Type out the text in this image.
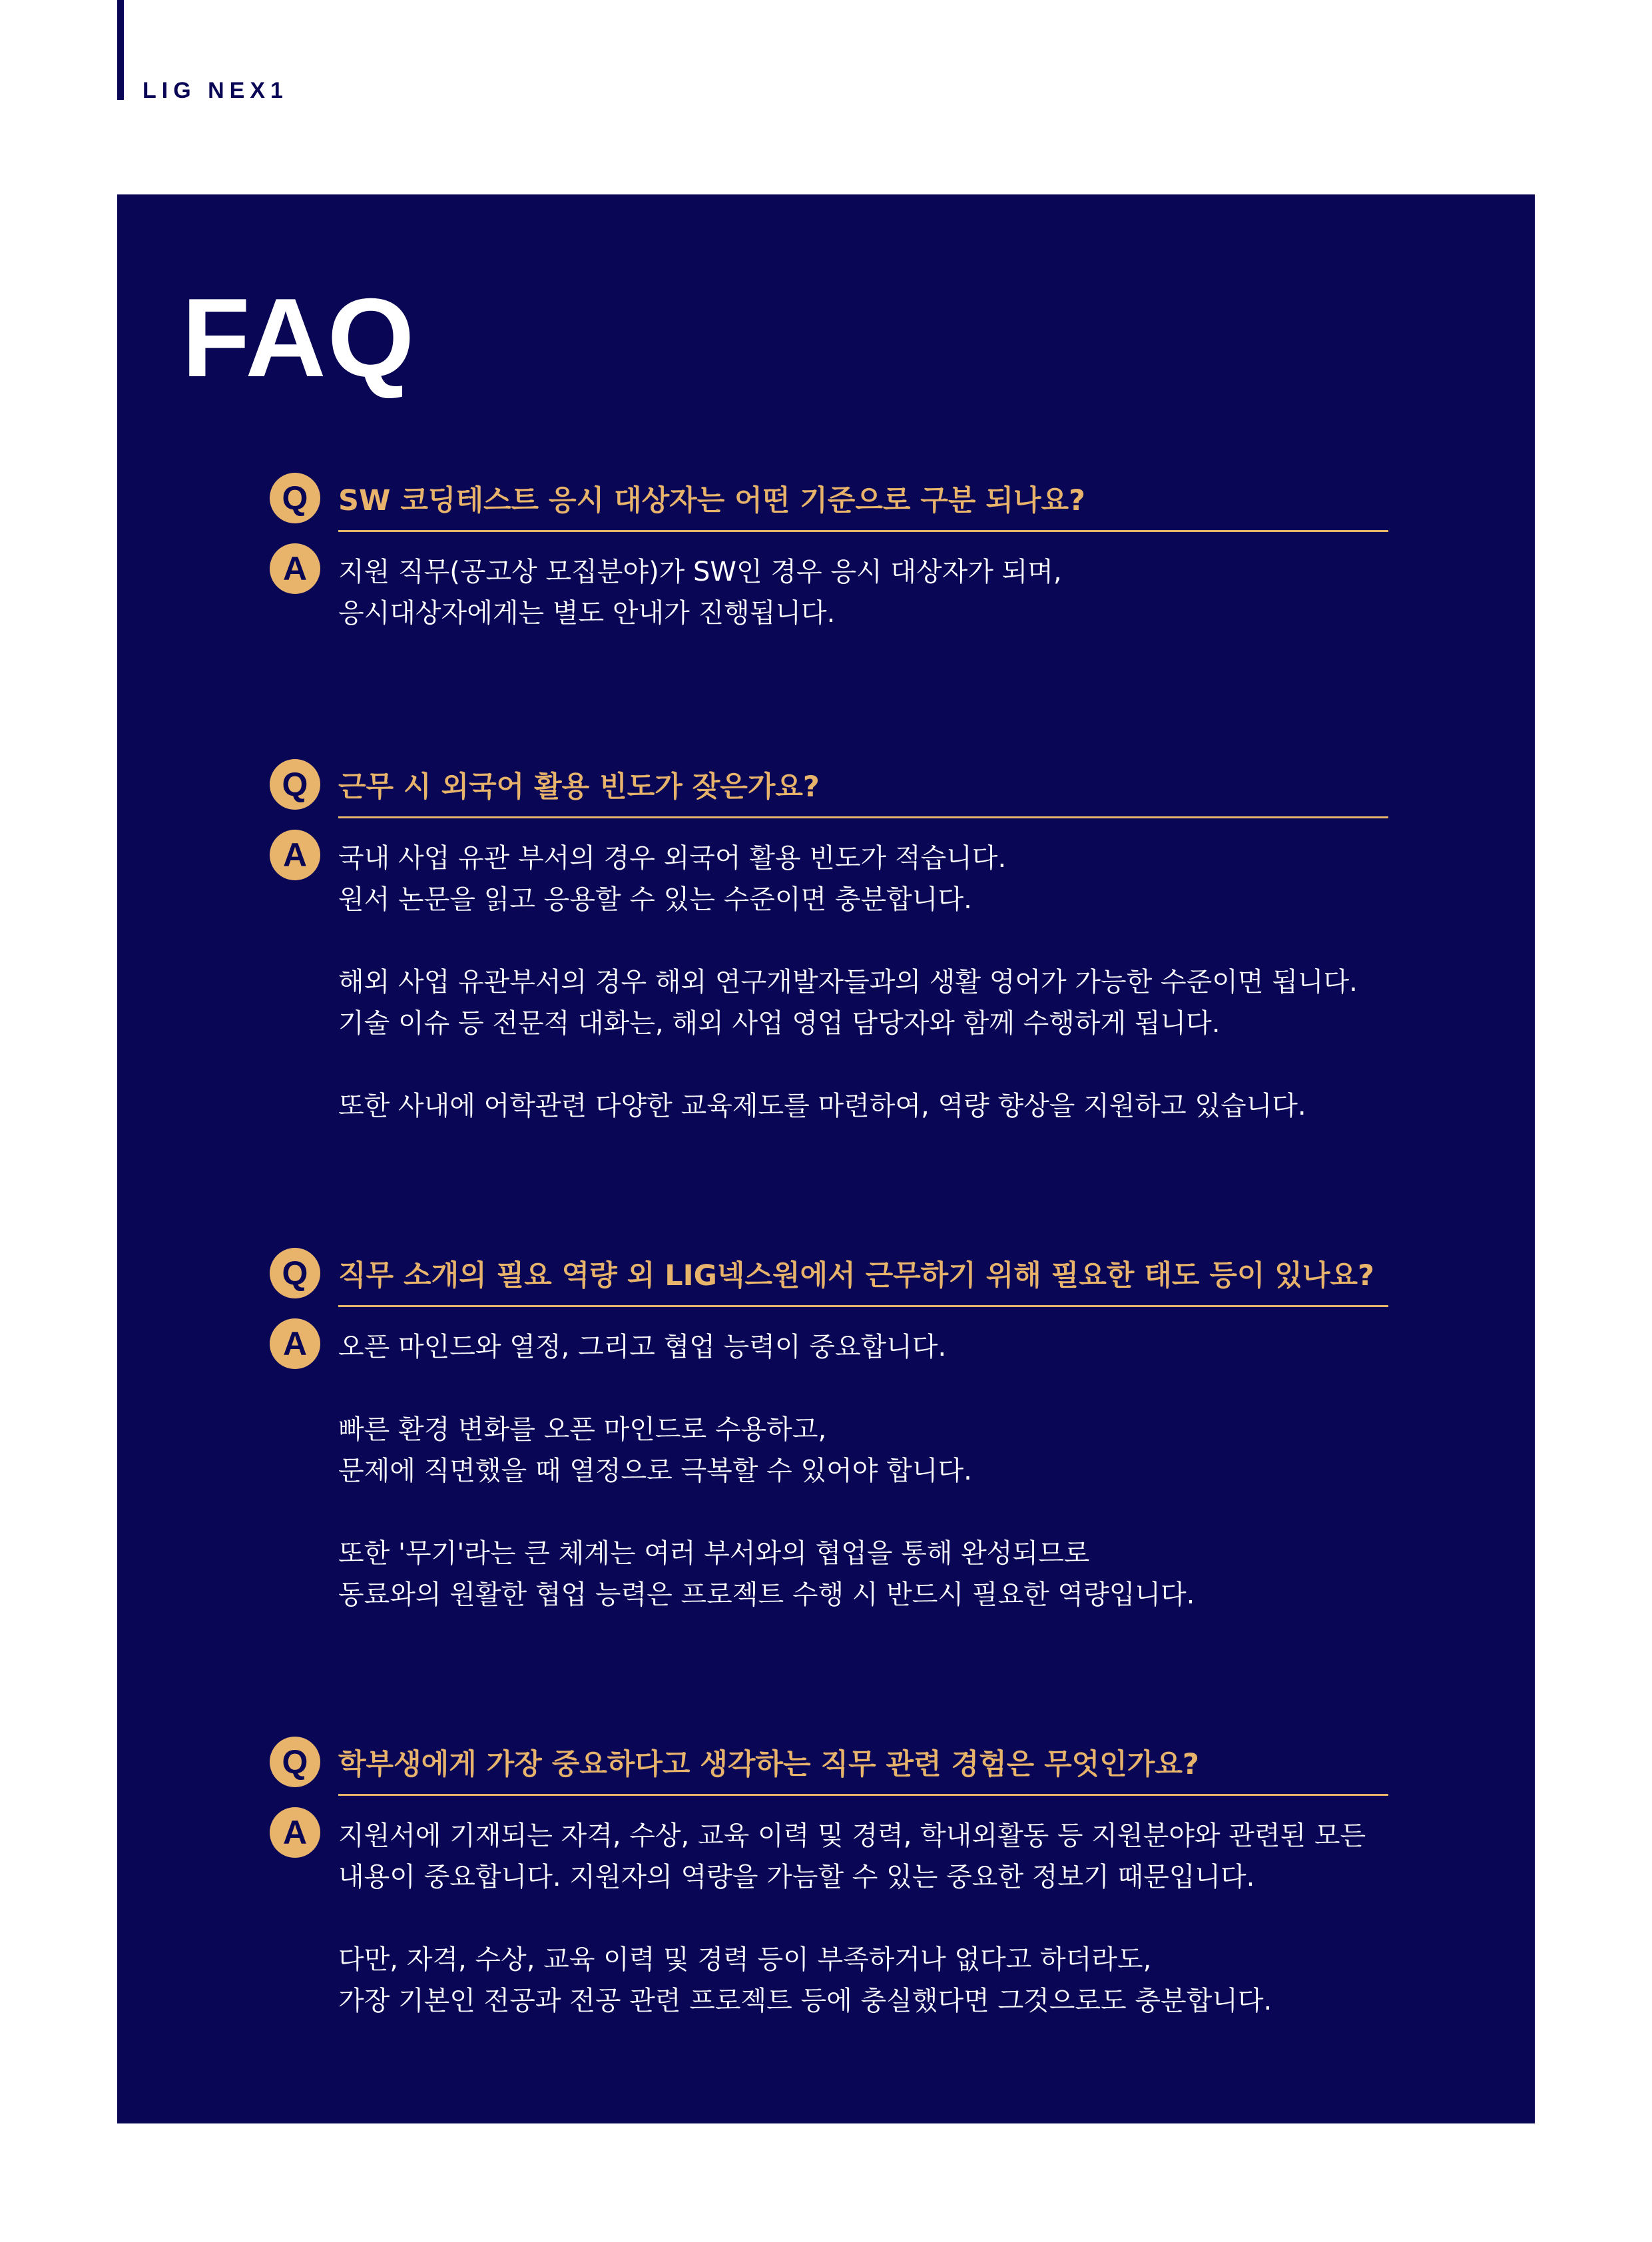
LIG NEX1
FAQ
Q	SW 코딩테스트 응시 대상자는 어떤 기준으로 구분 되나요?
A	지원 직무(공고상 모집분야)가 SW인 경우 응시 대상자가 되며,
응시대상자에게는 별도 안내가 진행됩니다.

Q	근무 시 외국어 활용 빈도가 잦은가요?
A	국내 사업 유관 부서의 경우 외국어 활용 빈도가 적습니다.
원서 논문을 읽고 응용할 수 있는 수준이면 충분합니다.

해외 사업 유관부서의 경우 해외 연구개발자들과의 생활 영어가 가능한 수준이면 됩니다.
기술 이슈 등 전문적 대화는, 해외 사업 영업 담당자와 함께 수행하게 됩니다.

또한 사내에 어학관련 다양한 교육제도를 마련하여, 역량 향상을 지원하고 있습니다.

Q	직무 소개의 필요 역량 외 LIG넥스원에서 근무하기 위해 필요한 태도 등이 있나요?
A	오픈 마인드와 열정, 그리고 협업 능력이 중요합니다.

빠른 환경 변화를 오픈 마인드로 수용하고,
문제에 직면했을 때 열정으로 극복할 수 있어야 합니다.

또한 '무기'라는 큰 체계는 여러 부서와의 협업을 통해 완성되므로
동료와의 원활한 협업 능력은 프로젝트 수행 시 반드시 필요한 역량입니다.

Q	학부생에게 가장 중요하다고 생각하는 직무 관련 경험은 무엇인가요?
A	지원서에 기재되는 자격, 수상, 교육 이력 및 경력, 학내외활동 등 지원분야와 관련된 모든
내용이 중요합니다. 지원자의 역량을 가늠할 수 있는 중요한 정보기 때문입니다.

다만, 자격, 수상, 교육 이력 및 경력 등이 부족하거나 없다고 하더라도,
가장 기본인 전공과 전공 관련 프로젝트 등에 충실했다면 그것으로도 충분합니다.
